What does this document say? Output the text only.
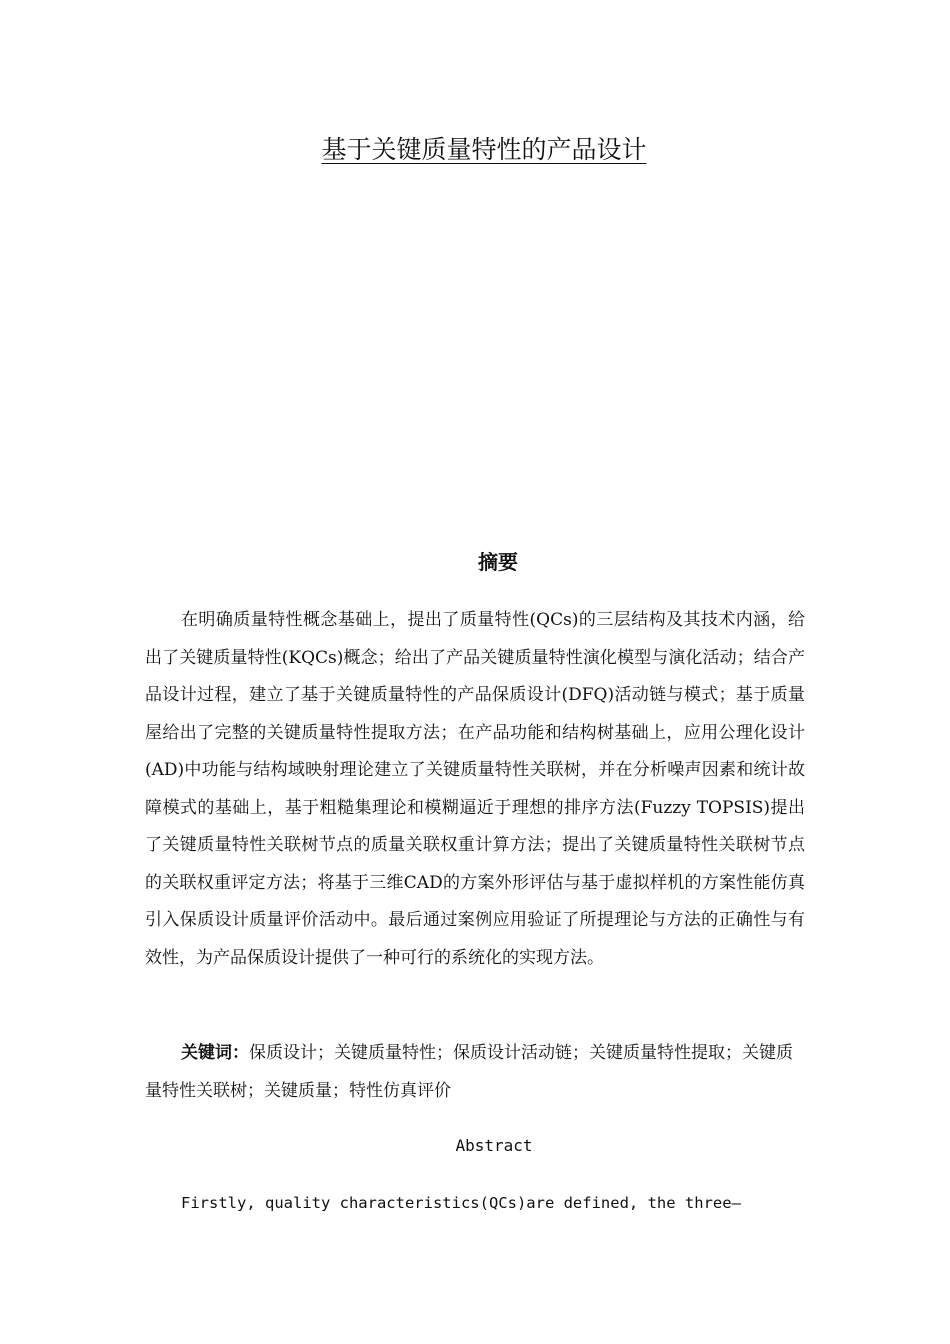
基于关键质量特性的产品设计
摘要

在明确质量特性概念基础上，提出了质量特性(QCs)的三层结构及其技术内涵，给出了关键质量特性(KQCs)概念；给出了产品关键质量特性演化模型与演化活动；结合产品设计过程，建立了基于关键质量特性的产品保质设计(DFQ)活动链与模式；基于质量屋给出了完整的关键质量特性提取方法；在产品功能和结构树基础上，应用公理化设计(AD)中功能与结构域映射理论建立了关键质量特性关联树，并在分析噪声因素和统计故障模式的基础上，基于粗糙集理论和模糊逼近于理想的排序方法(Fuzzy TOPSIS)提出了关键质量特性关联树节点的质量关联权重计算方法；提出了关键质量特性关联树节点的关联权重评定方法；将基于三维CAD的方案外形评估与基于虚拟样机的方案性能仿真引入保质设计质量评价活动中。最后通过案例应用验证了所提理论与方法的正确性与有效性，为产品保质设计提供了一种可行的系统化的实现方法。

关键词：保质设计；关键质量特性；保质设计活动链；关键质量特性提取；关键质量特性关联树；关键质量；特性仿真评价

Abstract

Firstly, quality characteristics(QCs)are defined, the three—
